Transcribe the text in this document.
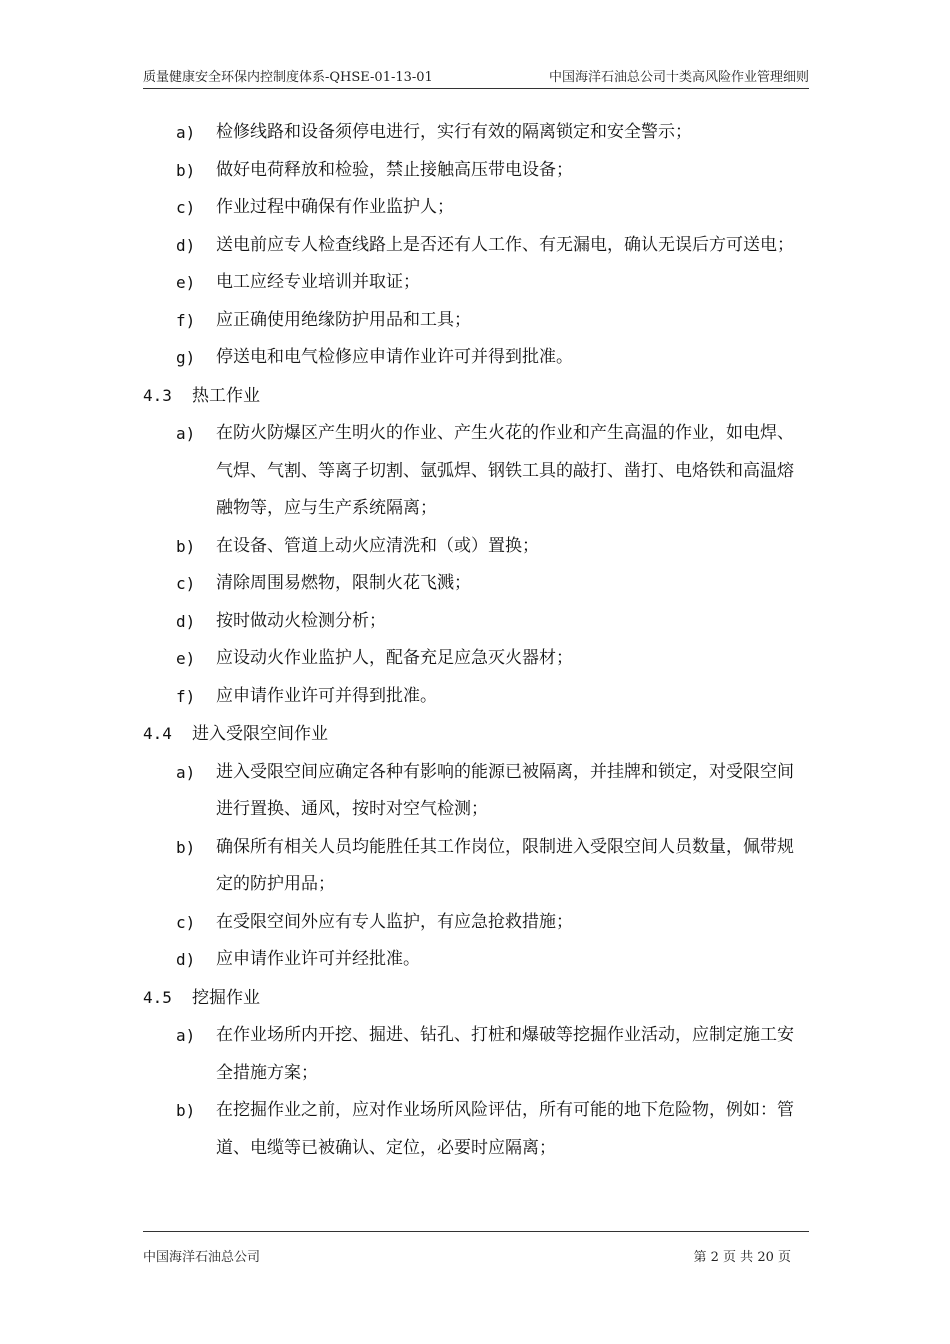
质量健康安全环保内控制度体系-QHSE-01-13-01	中国海洋石油总公司十类高风险作业管理细则
a) 检修线路和设备须停电进行，实行有效的隔离锁定和安全警示；
b) 做好电荷释放和检验，禁止接触高压带电设备；
c) 作业过程中确保有作业监护人；
d) 送电前应专人检查线路上是否还有人工作、有无漏电，确认无误后方可送电；
e) 电工应经专业培训并取证；
f) 应正确使用绝缘防护用品和工具；
g) 停送电和电气检修应申请作业许可并得到批准。
4.3 热工作业
a) 在防火防爆区产生明火的作业、产生火花的作业和产生高温的作业，如电焊、气焊、气割、等离子切割、氩弧焊、钢铁工具的敲打、凿打、电烙铁和高温熔融物等，应与生产系统隔离；
b) 在设备、管道上动火应清洗和（或）置换；
c) 清除周围易燃物，限制火花飞溅；
d) 按时做动火检测分析；
e) 应设动火作业监护人，配备充足应急灭火器材；
f) 应申请作业许可并得到批准。
4.4 进入受限空间作业
a) 进入受限空间应确定各种有影响的能源已被隔离，并挂牌和锁定，对受限空间进行置换、通风，按时对空气检测；
b) 确保所有相关人员均能胜任其工作岗位，限制进入受限空间人员数量，佩带规定的防护用品；
c) 在受限空间外应有专人监护，有应急抢救措施；
d) 应申请作业许可并经批准。
4.5 挖掘作业
a) 在作业场所内开挖、掘进、钻孔、打桩和爆破等挖掘作业活动，应制定施工安全措施方案；
b) 在挖掘作业之前，应对作业场所风险评估，所有可能的地下危险物，例如：管道、电缆等已被确认、定位，必要时应隔离；
中国海洋石油总公司	第 2 页 共 20 页
